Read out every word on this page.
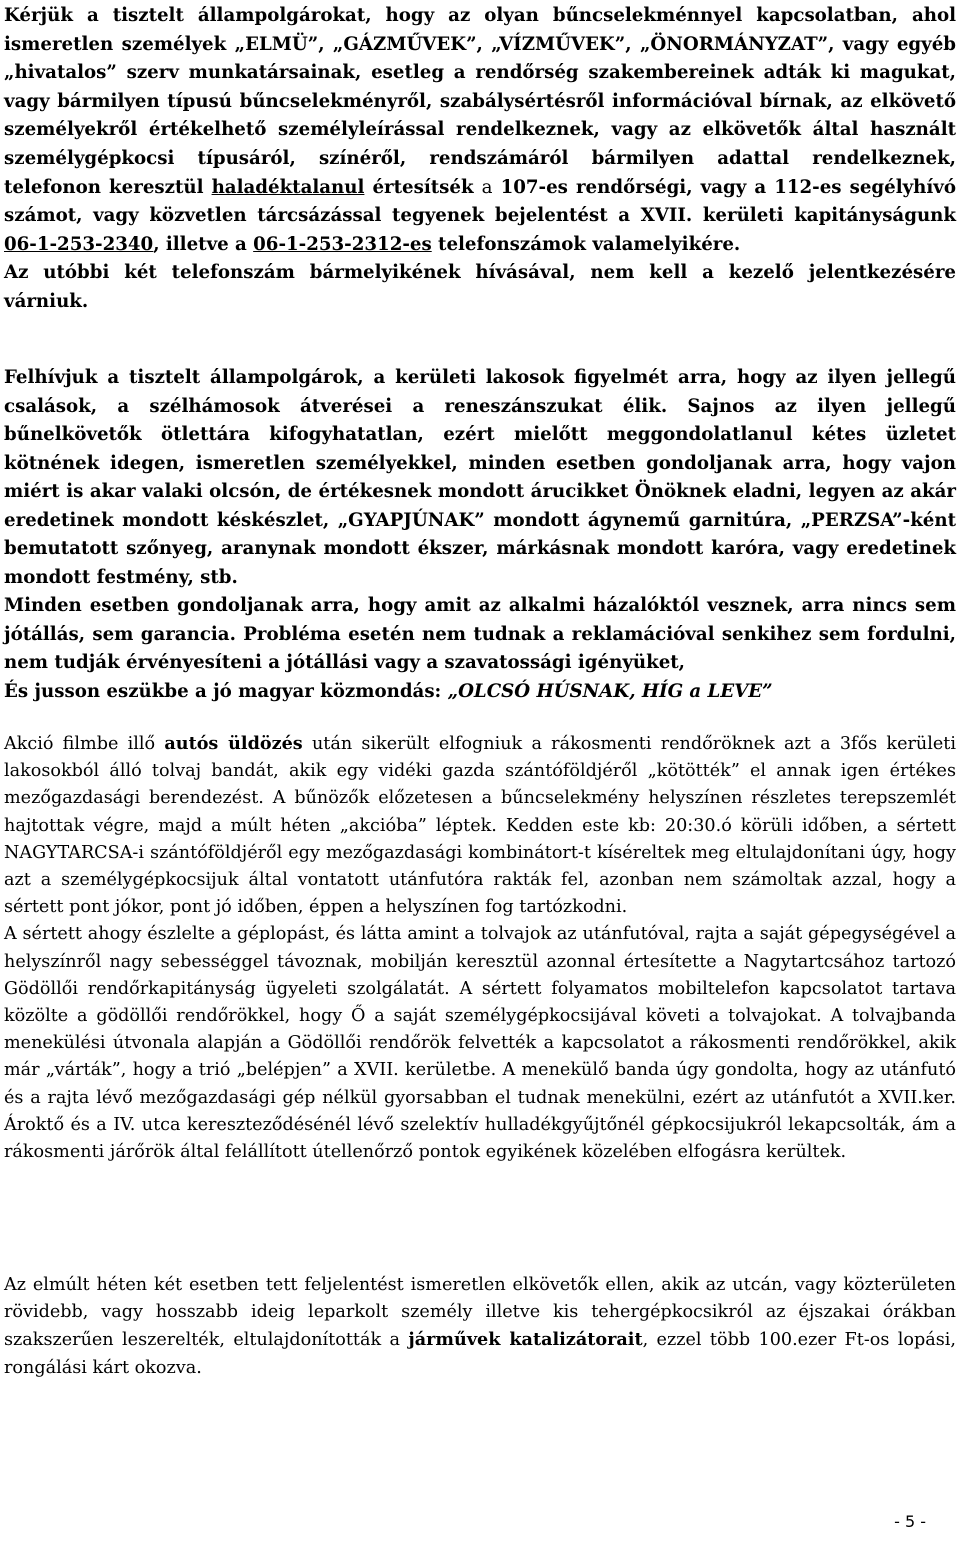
Kérjük a tisztelt állampolgárokat, hogy az olyan bűncselekménnyel kapcsolatban, ahol ismeretlen személyek „ELMÜ”, „GÁZMŰVEK”, „VÍZMŰVEK”, „ÖNORMÁNYZAT”, vagy egyéb „hivatalos” szerv munkatársainak, esetleg a rendőrség szakembereinek adták ki magukat, vagy bármilyen típusú bűncselekményről, szabálysértésről információval bírnak, az elkövető személyekről értékelhető személyleírással rendelkeznek, vagy az elkövetők által használt személygépkocsi típusáról, színéről, rendszámáról bármilyen adattal rendelkeznek, telefonon keresztül haladéktalanul értesítsék a 107-es rendőrségi, vagy a 112-es segélyhívó számot, vagy közvetlen tárcsázással tegyenek bejelentést a XVII. kerületi kapitányságunk 06-1-253-2340, illetve a 06-1-253-2312-es telefonszámok valamelyikére.
Az utóbbi két telefonszám bármelyikének hívásával, nem kell a kezelő jelentkezésére várniuk.
Felhívjuk a tisztelt állampolgárok, a kerületi lakosok figyelmét arra, hogy az ilyen jellegű csalások, a szélhámosok átverései a reneszánszukat élik. Sajnos az ilyen jellegű bűnelkövetők ötlettára kifogyhatatlan, ezért mielőtt meggondolatlanul kétes üzletet kötnének idegen, ismeretlen személyekkel, minden esetben gondoljanak arra, hogy vajon miért is akar valaki olcsón, de értékesnek mondott árucikket Önöknek eladni, legyen az akár eredetinek mondott késkészlet, „GYAPJÚNAK” mondott ágynemű garnitúra, „PERZSA”-ként bemutatott szőnyeg, aranynak mondott ékszer, márkásnak mondott karóra, vagy eredetinek mondott festmény, stb.
Minden esetben gondoljanak arra, hogy amit az alkalmi házalóktól vesznek, arra nincs sem jótállás, sem garancia. Probléma esetén nem tudnak a reklamációval senkihez sem fordulni, nem tudják érvényesíteni a jótállási vagy a szavatossági igényüket,
És jusson eszükbe a jó magyar közmondás: „OLCSÓ HÚSNAK, HÍG a LEVE”
Akció filmbe illő autós üldözés után sikerült elfogniuk a rákosmenti rendőröknek azt a 3fős kerületi lakosokból álló tolvaj bandát, akik egy vidéki gazda szántóföldjéről „kötötték” el annak igen értékes mezőgazdasági berendezést. A bűnözők előzetesen a bűncselekmény helyszínen részletes terepszemlét hajtottak végre, majd a múlt héten „akcióba” léptek. Kedden este kb: 20:30.ó körüli időben, a sértett NAGYTARCSA-i szántóföldjéről egy mezőgazdasági kombinátort-t kíséreltek meg eltulajdonítani úgy, hogy azt a személygépkocsijuk által vontatott utánfutóra rakták fel, azonban nem számoltak azzal, hogy a sértett pont jókor, pont jó időben, éppen a helyszínen fog tartózkodni.
A sértett ahogy észlelte a géplopást, és látta amint a tolvajok az utánfutóval, rajta a saját gépegységével a helyszínről nagy sebességgel távoznak, mobilján keresztül azonnal értesítette a Nagytartcsához tartozó Gödöllői rendőrkapitányság ügyeleti szolgálatát. A sértett folyamatos mobiltelefon kapcsolatot tartava közölte a gödöllői rendőrökkel, hogy Ő a saját személygépkocsijával követi a tolvajokat. A tolvajbanda menekülési útvonala alapján a Gödöllői rendőrök felvették a kapcsolatot a rákosmenti rendőrökkel, akik már „várták”, hogy a trió „belépjen” a XVII. kerületbe. A menekülő banda úgy gondolta, hogy az utánfutó és a rajta lévő mezőgazdasági gép nélkül gyorsabban el tudnak menekülni, ezért az utánfutót a XVII.ker. Ároktő és a IV. utca kereszteződésénél lévő szelektív hulladékgyűjtőnél gépkocsijukról lekapcsolták, ám a rákosmenti járőrök által felállított útellenőrző pontok egyikének közelében elfogásra kerültek.
Az elmúlt héten két esetben tett feljelentést ismeretlen elkövetők ellen, akik az utcán, vagy közterületen rövidebb, vagy hosszabb ideig leparkolt személy illetve kis tehergépkocsikról az éjszakai órákban szakszerűen leszerelték, eltulajdonították a járművek katalizátorait, ezzel több 100.ezer Ft-os lopási, rongálási kárt okozva.
- 5 -
